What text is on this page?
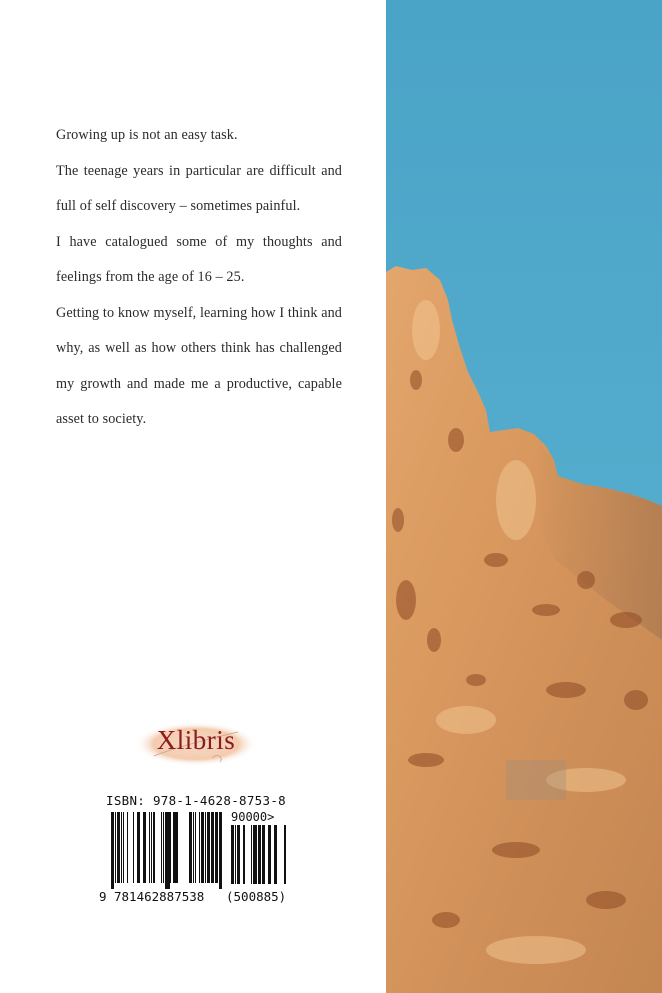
Growing up is not an easy task.

The teenage years in particular are difficult and full of self discovery – sometimes painful.

I have catalogued some of my thoughts and feelings from the age of 16 – 25.

Getting to know myself, learning how I think and why, as well as how others think has challenged my growth and made me a productive, capable asset to society.

Xlibris
ISBN: 978-1-4628-8753-8
90000>
9 781462887538 (500885)
